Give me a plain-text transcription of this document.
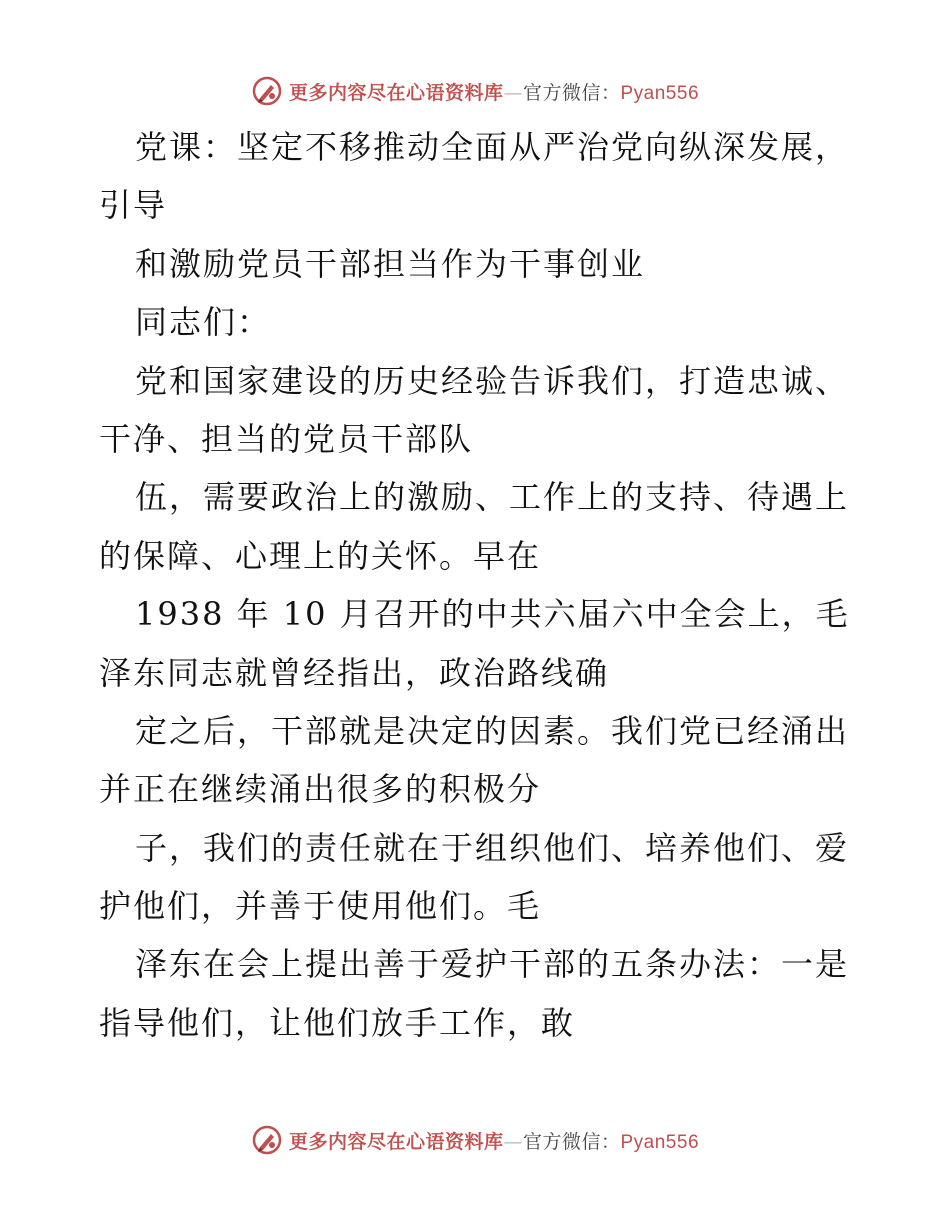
更多内容尽在心语资料库—官方微信：Pyan556
党课：坚定不移推动全面从严治党向纵深发展，
引导
和激励党员干部担当作为干事创业
同志们：
党和国家建设的历史经验告诉我们，打造忠诚、
干净、担当的党员干部队
伍，需要政治上的激励、工作上的支持、待遇上
的保障、心理上的关怀。早在
1938 年 10 月召开的中共六届六中全会上，毛
泽东同志就曾经指出，政治路线确
定之后，干部就是决定的因素。我们党已经涌出
并正在继续涌出很多的积极分
子，我们的责任就在于组织他们、培养他们、爱
护他们，并善于使用他们。毛
泽东在会上提出善于爱护干部的五条办法：一是
指导他们，让他们放手工作，敢
更多内容尽在心语资料库—官方微信：Pyan556
